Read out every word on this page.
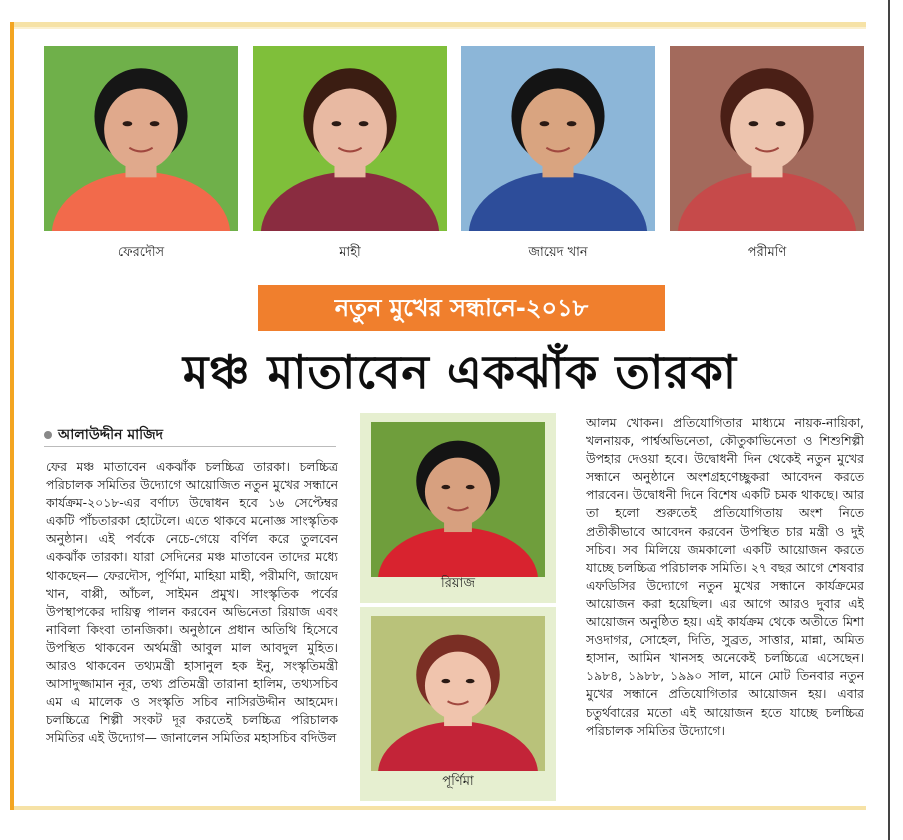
ফেরদৌস	মাহী	জায়েদ খান	পরীমণি
নতুন মুখের সন্ধানে-২০১৮
মঞ্চ মাতাবেন একঝাঁক তারকা
আলাউদ্দীন মাজিদ
ফের মঞ্চ মাতাবেন একঝাঁক চলচ্চিত্র তারকা। চলচ্চিত্র পরিচালক সমিতির উদ্যোগে আয়োজিত নতুন মুখের সন্ধানে কার্যক্রম-২০১৮-এর বর্ণাঢ্য উদ্বোধন হবে ১৬ সেপ্টেম্বর একটি পাঁচতারকা হোটেলে। এতে থাকবে মনোজ্ঞ সাংস্কৃতিক অনুষ্ঠান। এই পর্বকে নেচে-গেয়ে বর্ণিল করে তুলবেন একঝাঁক তারকা। যারা সেদিনের মঞ্চ মাতাবেন তাদের মধ্যে থাকছেন— ফেরদৌস, পূর্ণিমা, মাহিয়া মাহী, পরীমণি, জায়েদ খান, বাপ্পী, আঁচল, সাইমন প্রমুখ। সাংস্কৃতিক পর্বের উপস্থাপকের দায়িত্ব পালন করবেন অভিনেতা রিয়াজ এবং নাবিলা কিংবা তানজিকা। অনুষ্ঠানে প্রধান অতিথি হিসেবে উপস্থিত থাকবেন অর্থমন্ত্রী আবুল মাল আবদুল মুহিত। আরও থাকবেন তথ্যমন্ত্রী হাসানুল হক ইনু, সংস্কৃতিমন্ত্রী আসাদুজ্জামান নূর, তথ্য প্রতিমন্ত্রী তারানা হালিম, তথ্যসচিব এম এ মালেক ও সংস্কৃতি সচিব নাসিরউদ্দীন আহমেদ। চলচ্চিত্রে শিল্পী সংকট দূর করতেই চলচ্চিত্র পরিচালক সমিতির এই উদ্যোগ— জানালেন সমিতির মহাসচিব বদিউল
রিয়াজ
পূর্ণিমা
আলম খোকন। প্রতিযোগিতার মাধ্যমে নায়ক-নায়িকা, খলনায়ক, পার্শ্বঅভিনেতা, কৌতুকাভিনেতা ও শিশুশিল্পী উপহার দেওয়া হবে। উদ্বোধনী দিন থেকেই নতুন মুখের সন্ধানে অনুষ্ঠানে অংশগ্রহণেচ্ছুকরা আবেদন করতে পারবেন। উদ্বোধনী দিনে বিশেষ একটি চমক থাকছে। আর তা হলো শুরুতেই প্রতিযোগিতায় অংশ নিতে প্রতীকীভাবে আবেদন করবেন উপস্থিত চার মন্ত্রী ও দুই সচিব। সব মিলিয়ে জমকালো একটি আয়োজন করতে যাচ্ছে চলচ্চিত্র পরিচালক সমিতি। ২৭ বছর আগে শেষবার এফডিসির উদ্যোগে নতুন মুখের সন্ধানে কার্যক্রমের আয়োজন করা হয়েছিল। এর আগে আরও দুবার এই আয়োজন অনুষ্ঠিত হয়। এই কার্যক্রম থেকে অতীতে মিশা সওদাগর, সোহেল, দিতি, সুব্রত, সাত্তার, মান্না, অমিত হাসান, আমিন খানসহ অনেকেই চলচ্চিত্রে এসেছেন। ১৯৮৪, ১৯৮৮, ১৯৯০ সাল, মানে মোট তিনবার নতুন মুখের সন্ধানে প্রতিযোগিতার আয়োজন হয়। এবার চতুর্থবারের মতো এই আয়োজন হতে যাচ্ছে চলচ্চিত্র পরিচালক সমিতির উদ্যোগে।
